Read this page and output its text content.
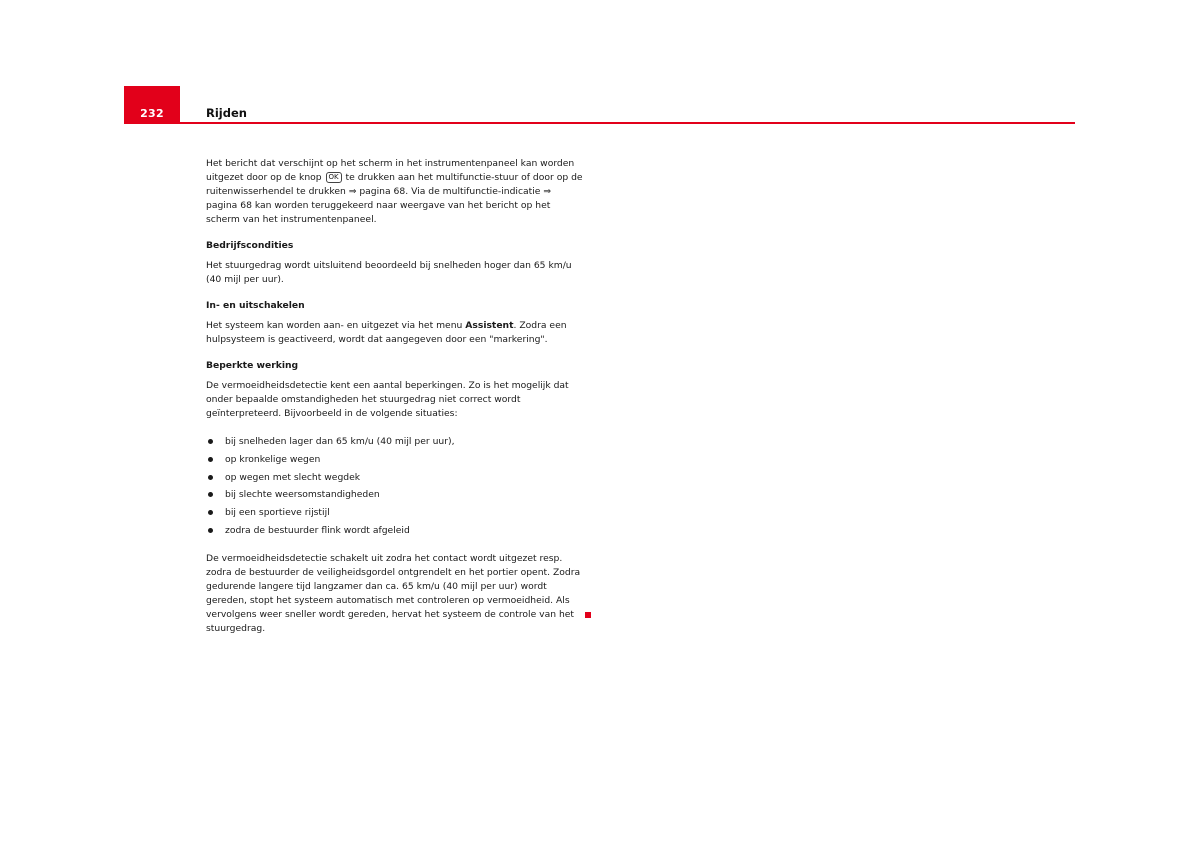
232	Rijden

Het bericht dat verschijnt op het scherm in het instrumentenpaneel kan worden uitgezet door op de knop OK te drukken aan het multifunctie-stuur of door op de ruitenwisserhendel te drukken ⇒ pagina 68. Via de multifunctie-indicatie ⇒ pagina 68 kan worden teruggekeerd naar weergave van het bericht op het scherm van het instrumentenpaneel.

Bedrijfscondities

Het stuurgedrag wordt uitsluitend beoordeeld bij snelheden hoger dan 65 km/u (40 mijl per uur).

In- en uitschakelen

Het systeem kan worden aan- en uitgezet via het menu Assistent. Zodra een hulpsysteem is geactiveerd, wordt dat aangegeven door een "markering".

Beperkte werking

De vermoeidheidsdetectie kent een aantal beperkingen. Zo is het mogelijk dat onder bepaalde omstandigheden het stuurgedrag niet correct wordt geïnterpreteerd. Bijvoorbeeld in de volgende situaties:

bij snelheden lager dan 65 km/u (40 mijl per uur),
op kronkelige wegen
op wegen met slecht wegdek
bij slechte weersomstandigheden
bij een sportieve rijstijl
zodra de bestuurder flink wordt afgeleid

De vermoeidheidsdetectie schakelt uit zodra het contact wordt uitgezet resp. zodra de bestuurder de veiligheidsgordel ontgrendelt en het portier opent. Zodra gedurende langere tijd langzamer dan ca. 65 km/u (40 mijl per uur) wordt gereden, stopt het systeem automatisch met controleren op vermoeidheid. Als vervolgens weer sneller wordt gereden, hervat het systeem de controle van het stuurgedrag.
